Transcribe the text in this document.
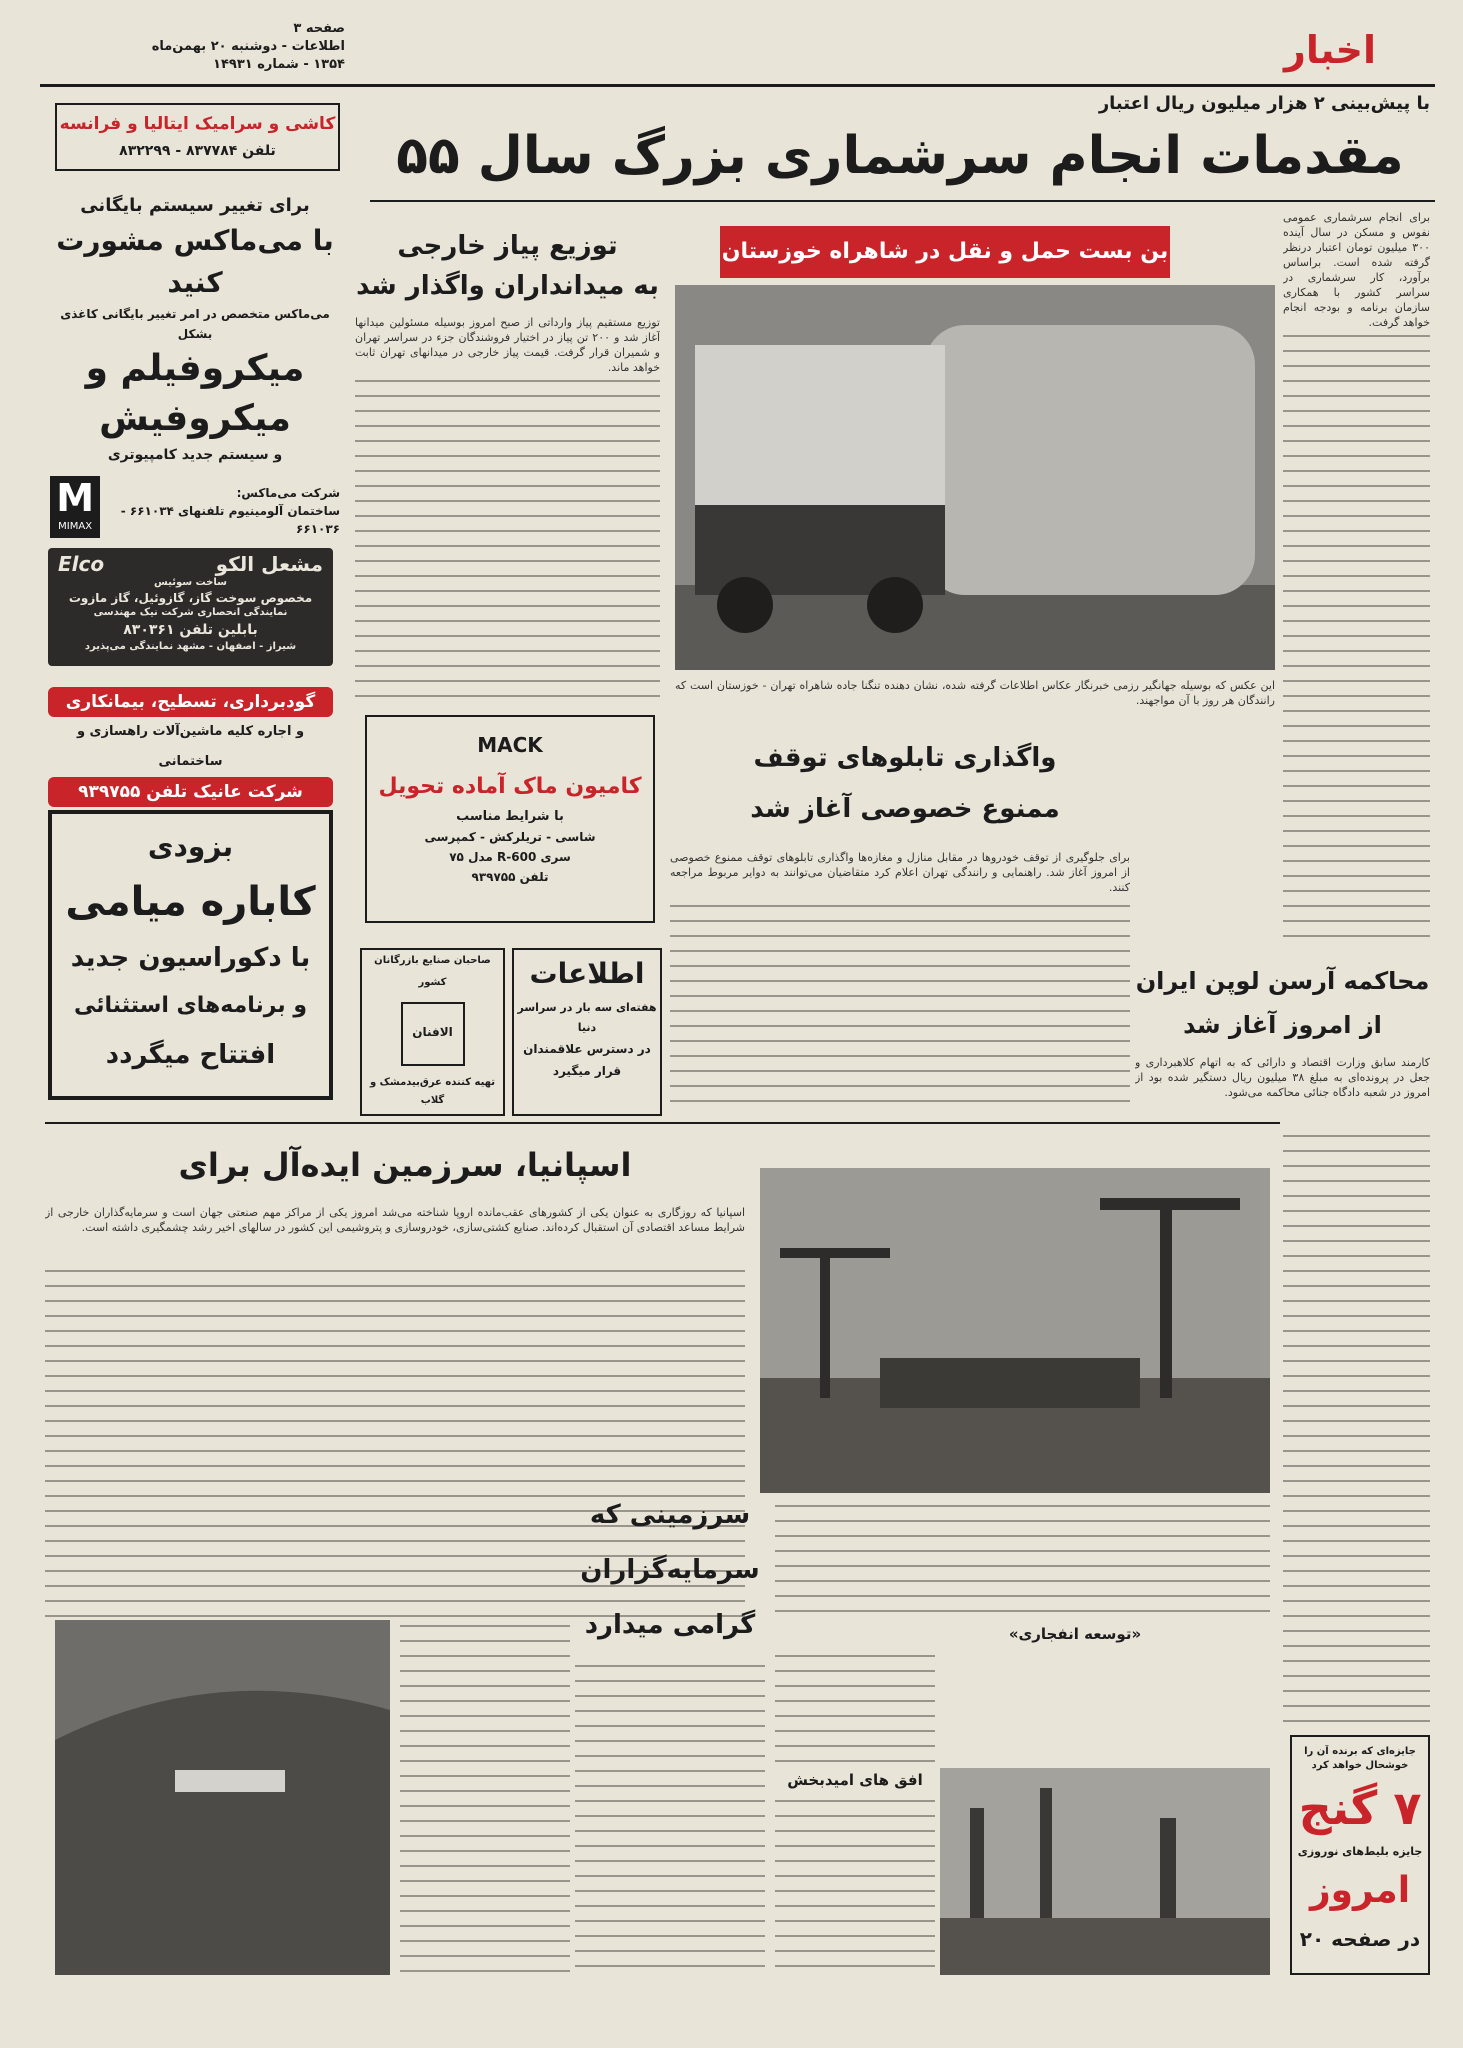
اخبار
صفحه ۳
اطلاعات - دوشنبه ۲۰ بهمن‌ماه
۱۳۵۴ - شماره ۱۴۹۳۱
با پیش‌بینی ۲ هزار میلیون ریال اعتبار
مقدمات انجام سرشماری بزرگ سال ۵۵
برای انجام سرشماری عمومی نفوس و مسکن در سال آینده ۳۰۰ میلیون تومان اعتبار درنظر گرفته شده است. براساس برآورد، کار سرشماری در سراسر کشور با همکاری سازمان برنامه و بودجه انجام خواهد گرفت.
بن بست حمل و نقل در شاهراه خوزستان
این عکس که بوسیله جهانگیر رزمی خبرنگار عکاس اطلاعات گرفته شده، نشان دهنده تنگنا جاده شاهراه تهران - خوزستان است که رانندگان هر روز با آن مواجهند.
توزیع پیاز خارجی
به میدانداران واگذار شد
توزیع مستقیم پیاز وارداتی از صبح امروز بوسیله مسئولین میدانها آغاز شد و ۲۰۰ تن پیاز در اختیار فروشندگان جزء در سراسر تهران و شمیران قرار گرفت. قیمت پیاز خارجی در میدانهای تهران ثابت خواهد ماند.
کاشی و سرامیک ایتالیا و فرانسه
تلفن ۸۳۷۷۸۴ - ۸۳۲۲۹۹
برای تغییر سیستم بایگانی
با می‌ماکس مشورت کنید
می‌ماکس متخصص در امر تغییر بایگانی کاغذی بشکل
میکروفیلم و
میکروفیش
و سیستم جدید کامپیوتری
شرکت می‌ماکس:
ساختمان آلومینیوم تلفنهای ۶۶۱۰۳۴ - ۶۶۱۰۳۶
M
MIMAX
مشعل الکو
Elco
ساخت سوئیس
مخصوص سوخت گاز، گازوئیل، گاز مازوت
نمایندگی انحصاری شرکت نیک مهندسی
بابلین تلفن ۸۳۰۳۶۱
شیراز - اصفهان - مشهد نمایندگی می‌پذیرد
گودبرداری، تسطیح، بیمانکاری
و اجاره کلیه ماشین‌آلات راهسازی و ساختمانی
شرکت عانیک تلفن ۹۳۹۷۵۵
بزودی
کاباره میامی
با دکوراسیون جدید
و برنامه‌های استثنائی
افتتاح میگردد
MACK
کامیون ماک آماده تحویل
با شرایط مناسب
شاسی - تریلرکش - کمپرسی
سری R-600 مدل ۷۵
تلفن ۹۳۹۷۵۵
اطلاعات
هفته‌ای سه بار در سراسر دنیا
در دسترس علاقمندان
قرار میگیرد
صاحبان صنایع بازرگانان کشور
الافنان
تهیه کننده عرق‌بیدمشک و گلاب
واگذاری تابلوهای توقف
ممنوع خصوصی آغاز شد
برای جلوگیری از توقف خودروها در مقابل منازل و مغازه‌ها واگذاری تابلوهای توقف ممنوع خصوصی از امروز آغاز شد. راهنمایی و رانندگی تهران اعلام کرد متقاضیان می‌توانند به دوایر مربوط مراجعه کنند.
محاکمه آرسن لوپن ایران
از امروز آغاز شد
کارمند سابق وزارت اقتصاد و دارائی که به اتهام کلاهبرداری و جعل در پرونده‌ای به مبلغ ۳۸ میلیون ریال دستگیر شده بود از امروز در شعبه دادگاه جنائی محاکمه می‌شود.
اسپانیا، سرزمین ایده‌آل برای
اسپانیا که روزگاری به عنوان یکی از کشورهای عقب‌مانده اروپا شناخته می‌شد امروز یکی از مراکز مهم صنعتی جهان است و سرمایه‌گذاران خارجی از شرایط مساعد اقتصادی آن استقبال کرده‌اند. صنایع کشتی‌سازی، خودروسازی و پتروشیمی این کشور در سالهای اخیر رشد چشمگیری داشته است.
سرزمینی که
سرمایه‌گزاران
گرامی میدارد	«توسعه انفجاری»
افق های امیدبخش
جایزه‌ای که برنده آن را خوشحال خواهد کرد
۷ گنج
جایزه بلیط‌های نوروزی
امروز
در صفحه ۲۰
